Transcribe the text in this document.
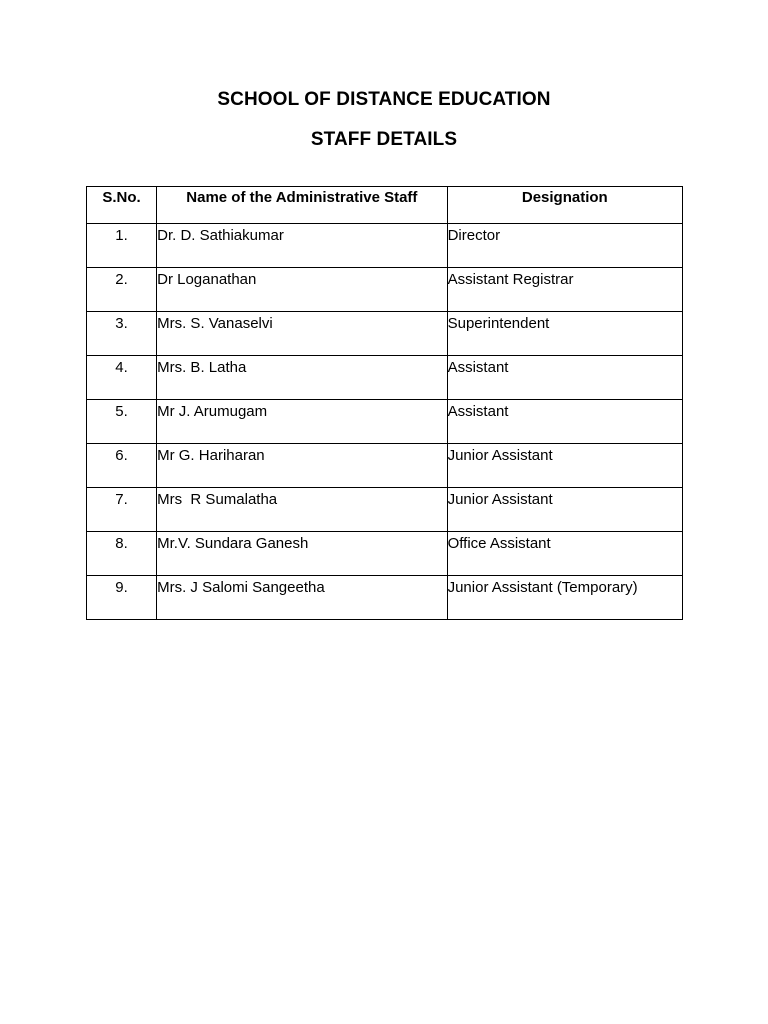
SCHOOL OF DISTANCE EDUCATION
STAFF DETAILS
S.No.	Name of the Administrative Staff	Designation
1.	Dr. D. Sathiakumar	Director
2.	Dr Loganathan	Assistant Registrar
3.	Mrs. S. Vanaselvi	Superintendent
4.	Mrs. B. Latha	Assistant
5.	Mr J. Arumugam	Assistant
6.	Mr G. Hariharan	Junior Assistant
7.	Mrs  R Sumalatha	Junior Assistant
8.	Mr.V. Sundara Ganesh	Office Assistant
9.	Mrs. J Salomi Sangeetha	Junior Assistant (Temporary)
